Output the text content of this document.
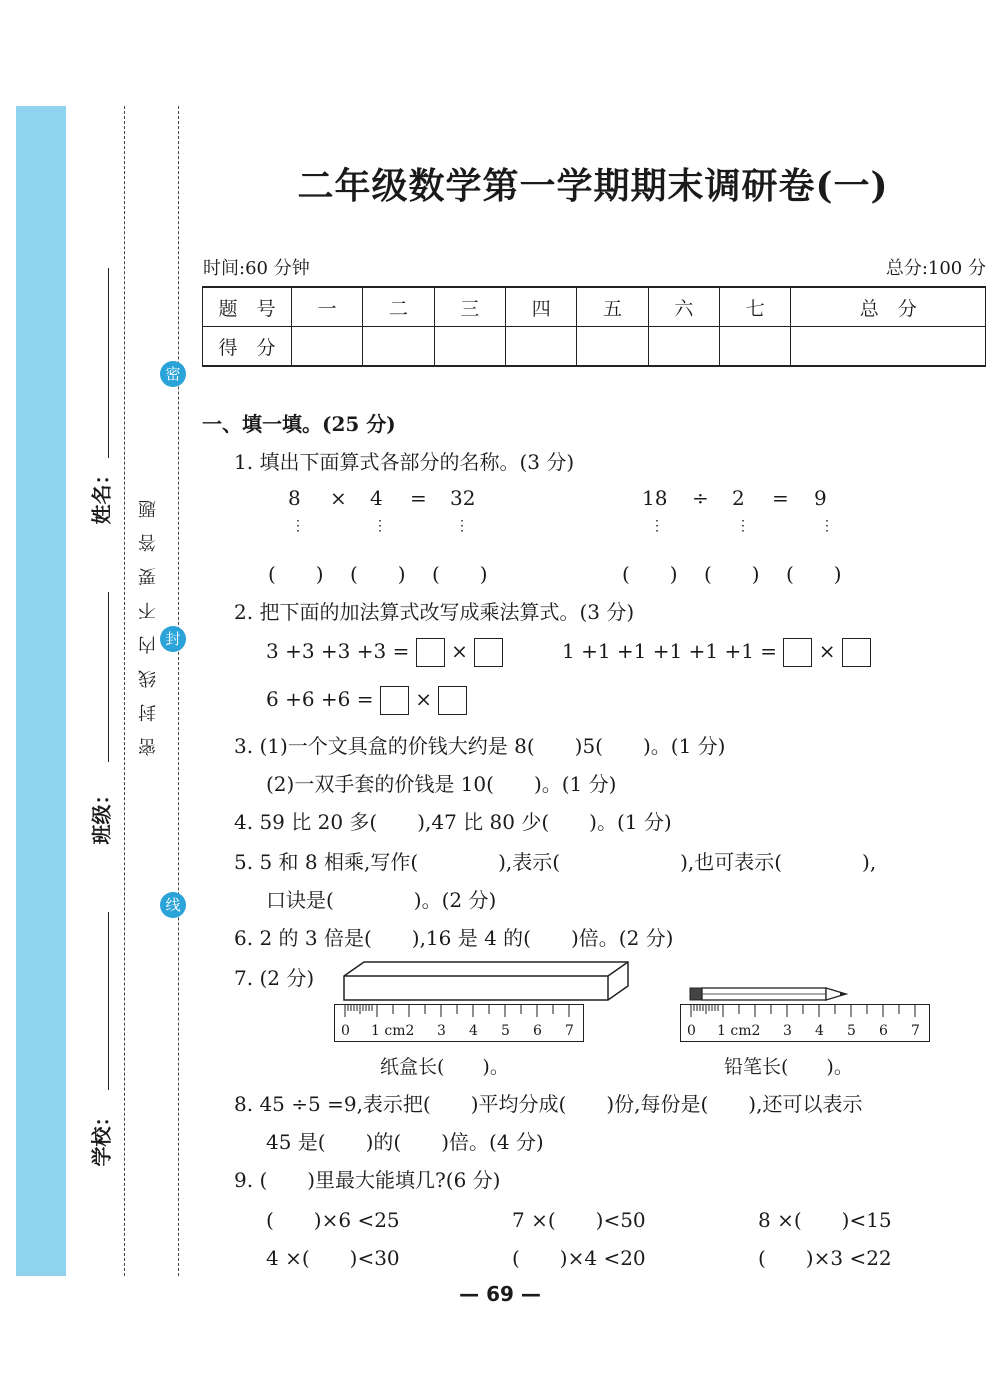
姓名：
班级：
学校：
密
封
线
密封线内不要答题
二年级数学第一学期期末调研卷(一)
时间:60 分钟	总分:100 分
题　号	一	二	三	四	五	六	七	总　分
得　分								
一、填一填。(25 分)
1. 填出下面算式各部分的名称。(3 分)
8 × 4 = 32
⋮	⋮	⋮
(　　) (　　) (　　)
18 ÷ 2 = 9
⋮	⋮	⋮
(　　) (　　) (　　)
2. 把下面的加法算式改写成乘法算式。(3 分)
3 +3 +3 +3 = ×	1 +1 +1 +1 +1 +1 = ×
6 +6 +6 = ×
3. (1)一个文具盒的价钱大约是 8(　　)5(　　)。(1 分)
(2)一双手套的价钱是 10(　　)。(1 分)
4. 59 比 20 多(　　),47 比 80 少(　　)。(1 分)
5. 5 和 8 相乘,写作(　　　　),表示(　　　　　　),也可表示(　　　　),
口诀是(　　　　)。(2 分)
6. 2 的 3 倍是(　　),16 是 4 的(　　)倍。(2 分)
7. (2 分)
0 1 cm2 3 4 5 6 7
纸盒长(　　)。
0 1 cm2 3 4 5 6 7
铅笔长(　　)。
8. 45 ÷5 =9,表示把(　　)平均分成(　　)份,每份是(　　),还可以表示
45 是(　　)的(　　)倍。(4 分)
9. (　　)里最大能填几?(6 分)
(　　)×6 <25	7 ×(　　)<50	8 ×(　　)<15
4 ×(　　)<30	(　　)×4 <20	(　　)×3 <22
— 69 —
